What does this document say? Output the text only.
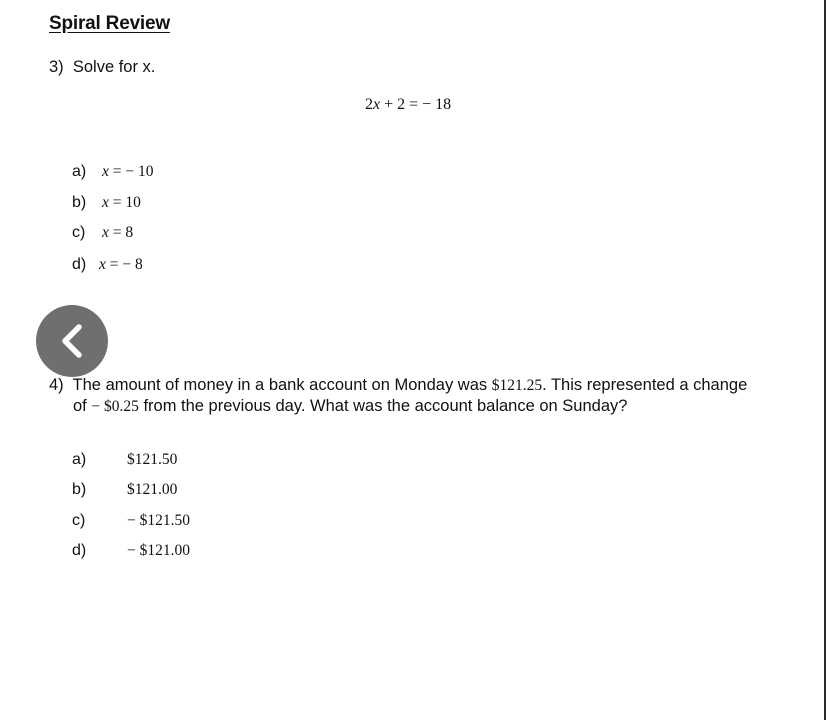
Spiral Review
3) Solve for x.
2x + 2 = − 18
a) x = − 10
b) x = 10
c) x = 8
d) x = − 8
4) The amount of money in a bank account on Monday was $121.25. This represented a change
of − $0.25 from the previous day. What was the account balance on Sunday?
a)	$121.50
b)	$121.00
c)	− $121.50
d)	− $121.00
